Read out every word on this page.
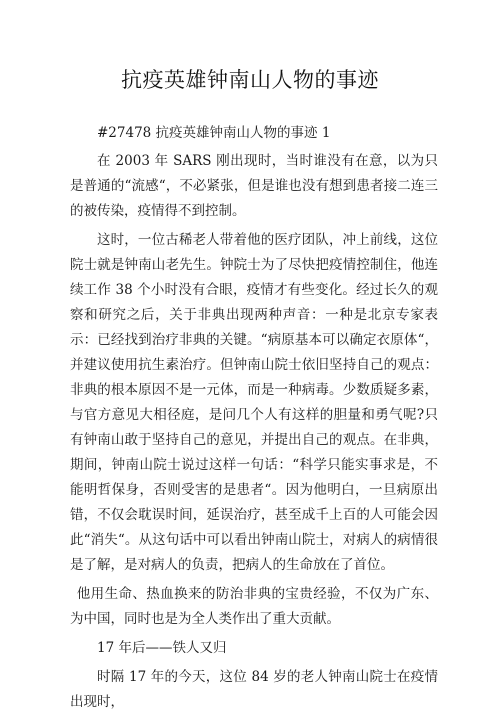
抗疫英雄钟南山人物的事迹

#27478 抗疫英雄钟南山人物的事迹 1

在 2003 年 SARS 刚出现时，当时谁没有在意，以为只是普通的“流感“，不必紧张，但是谁也没有想到患者接二连三的被传染，疫情得不到控制。

这时，一位古稀老人带着他的医疗团队，冲上前线，这位院士就是钟南山老先生。钟院士为了尽快把疫情控制住，他连续工作 38 个小时没有合眼，疫情才有些变化。经过长久的观察和研究之后，关于非典出现两种声音：一种是北京专家表示：已经找到治疗非典的关键。“病原基本可以确定衣原体“，并建议使用抗生素治疗。但钟南山院士依旧坚持自己的观点：非典的根本原因不是一元体，而是一种病毒。少数质疑多素，与官方意见大相径庭，是问几个人有这样的胆量和勇气呢?只有钟南山敢于坚持自己的意见，并提出自己的观点。在非典，期间，钟南山院士说过这样一句话：“科学只能实事求是，不能明哲保身，否则受害的是患者“。因为他明白，一旦病原出错，不仅会耽误时间，延误治疗，甚至成千上百的人可能会因此“消失“。从这句话中可以看出钟南山院士，对病人的病情很是了解，是对病人的负责，把病人的生命放在了首位。

他用生命、热血换来的防治非典的宝贵经验，不仅为广东、为中国，同时也是为全人类作出了重大贡献。

17 年后——铁人又归

时隔 17 年的今天，这位 84 岁的老人钟南山院士在疫情出现时，
